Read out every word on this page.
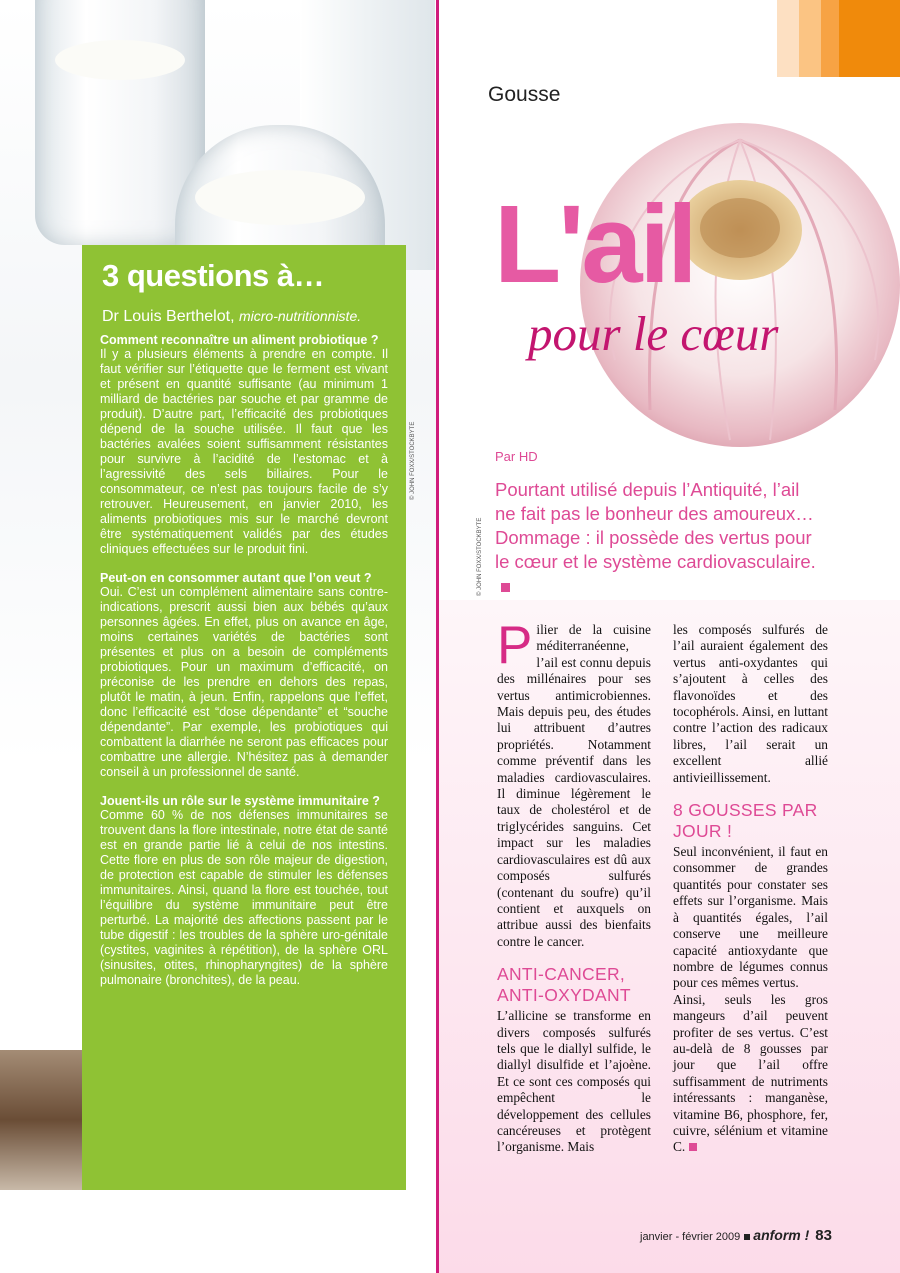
3 questions à…
Dr Louis Berthelot, micro-nutritionniste.

Comment reconnaître un aliment probiotique ?

Il y a plusieurs éléments à prendre en compte. Il faut vérifier sur l’étiquette que le ferment est vivant et présent en quantité suffisante (au minimum 1 milliard de bactéries par souche et par gramme de produit). D’autre part, l’efficacité des probiotiques dépend de la souche utilisée. Il faut que les bactéries avalées soient suffisamment résistantes pour survivre à l’acidité de l’estomac et à l’agressivité des sels biliaires. Pour le consommateur, ce n’est pas toujours facile de s’y retrouver. Heureusement, en janvier 2010, les aliments probiotiques mis sur le marché devront être systématiquement validés par des études cliniques effectuées sur le produit fini.

Peut-on en consommer autant que l’on veut ?

Oui. C’est un complément alimentaire sans contre-indications, prescrit aussi bien aux bébés qu’aux personnes âgées. En effet, plus on avance en âge, moins certaines variétés de bactéries sont présentes et plus on a besoin de compléments probiotiques. Pour un maximum d’efficacité, on préconise de les prendre en dehors des repas, plutôt le matin, à jeun. Enfin, rappelons que l’effet, donc l’efficacité est “dose dépendante” et “souche dépendante”. Par exemple, les probiotiques qui combattent la diarrhée ne seront pas efficaces pour combattre une allergie. N’hésitez pas à demander conseil à un professionnel de santé.

Jouent-ils un rôle sur le système immunitaire ?

Comme 60 % de nos défenses immunitaires se trouvent dans la flore intestinale, notre état de santé est en grande partie lié à celui de nos intestins. Cette flore en plus de son rôle majeur de digestion, de protection est capable de stimuler les défenses immunitaires. Ainsi, quand la flore est touchée, tout l’équilibre du système immunitaire peut être perturbé. La majorité des affections passent par le tube digestif : les troubles de la sphère uro-génitale (cystites, vaginites à répétition), de la sphère ORL (sinusites, otites, rhinopharyngites) de la sphère pulmonaire (bronchites), de la peau.

© JOHN FOXX/STOCKBYTE
Gousse
L'ail
pour le cœur
Par HD
Pourtant utilisé depuis l’Antiquité, l’ail ne fait pas le bonheur des amoureux… Dommage : il possède des vertus pour le cœur et le système cardiovasculaire.
© JOHN FOXX/STOCKBYTE

Pilier de la cuisine méditerranéenne, l’ail est connu depuis des millénaires pour ses vertus antimicrobiennes. Mais depuis peu, des études lui attribuent d’autres propriétés. Notamment comme préventif dans les maladies cardiovasculaires. Il diminue légèrement le taux de cholestérol et de triglycérides sanguins. Cet impact sur les maladies cardiovasculaires est dû aux composés sulfurés (contenant du soufre) qu’il contient et auxquels on attribue aussi des bienfaits contre le cancer.

ANTI-CANCER, ANTI-OXYDANT

L’allicine se transforme en divers composés sulfurés tels que le diallyl sulfide, le diallyl disulfide et l’ajoène. Et ce sont ces composés qui empêchent le développement des cellules cancéreuses et protègent l’organisme. Mais

les composés sulfurés de l’ail auraient également des vertus anti-oxydantes qui s’ajoutent à celles des flavonoïdes et des tocophérols. Ainsi, en luttant contre l’action des radicaux libres, l’ail serait un excellent allié antivieillissement.

8 GOUSSES PAR JOUR !

Seul inconvénient, il faut en consommer de grandes quantités pour constater ses effets sur l’organisme. Mais à quantités égales, l’ail conserve une meilleure capacité antioxydante que nombre de légumes connus pour ces mêmes vertus.

Ainsi, seuls les gros mangeurs d’ail peuvent profiter de ses vertus. C’est au-delà de 8 gousses par jour que l’ail offre suffisamment de nutriments intéressants : manganèse, vitamine B6, phosphore, fer, cuivre, sélénium et vitamine C.

janvier - février 2009 anform ! 83
